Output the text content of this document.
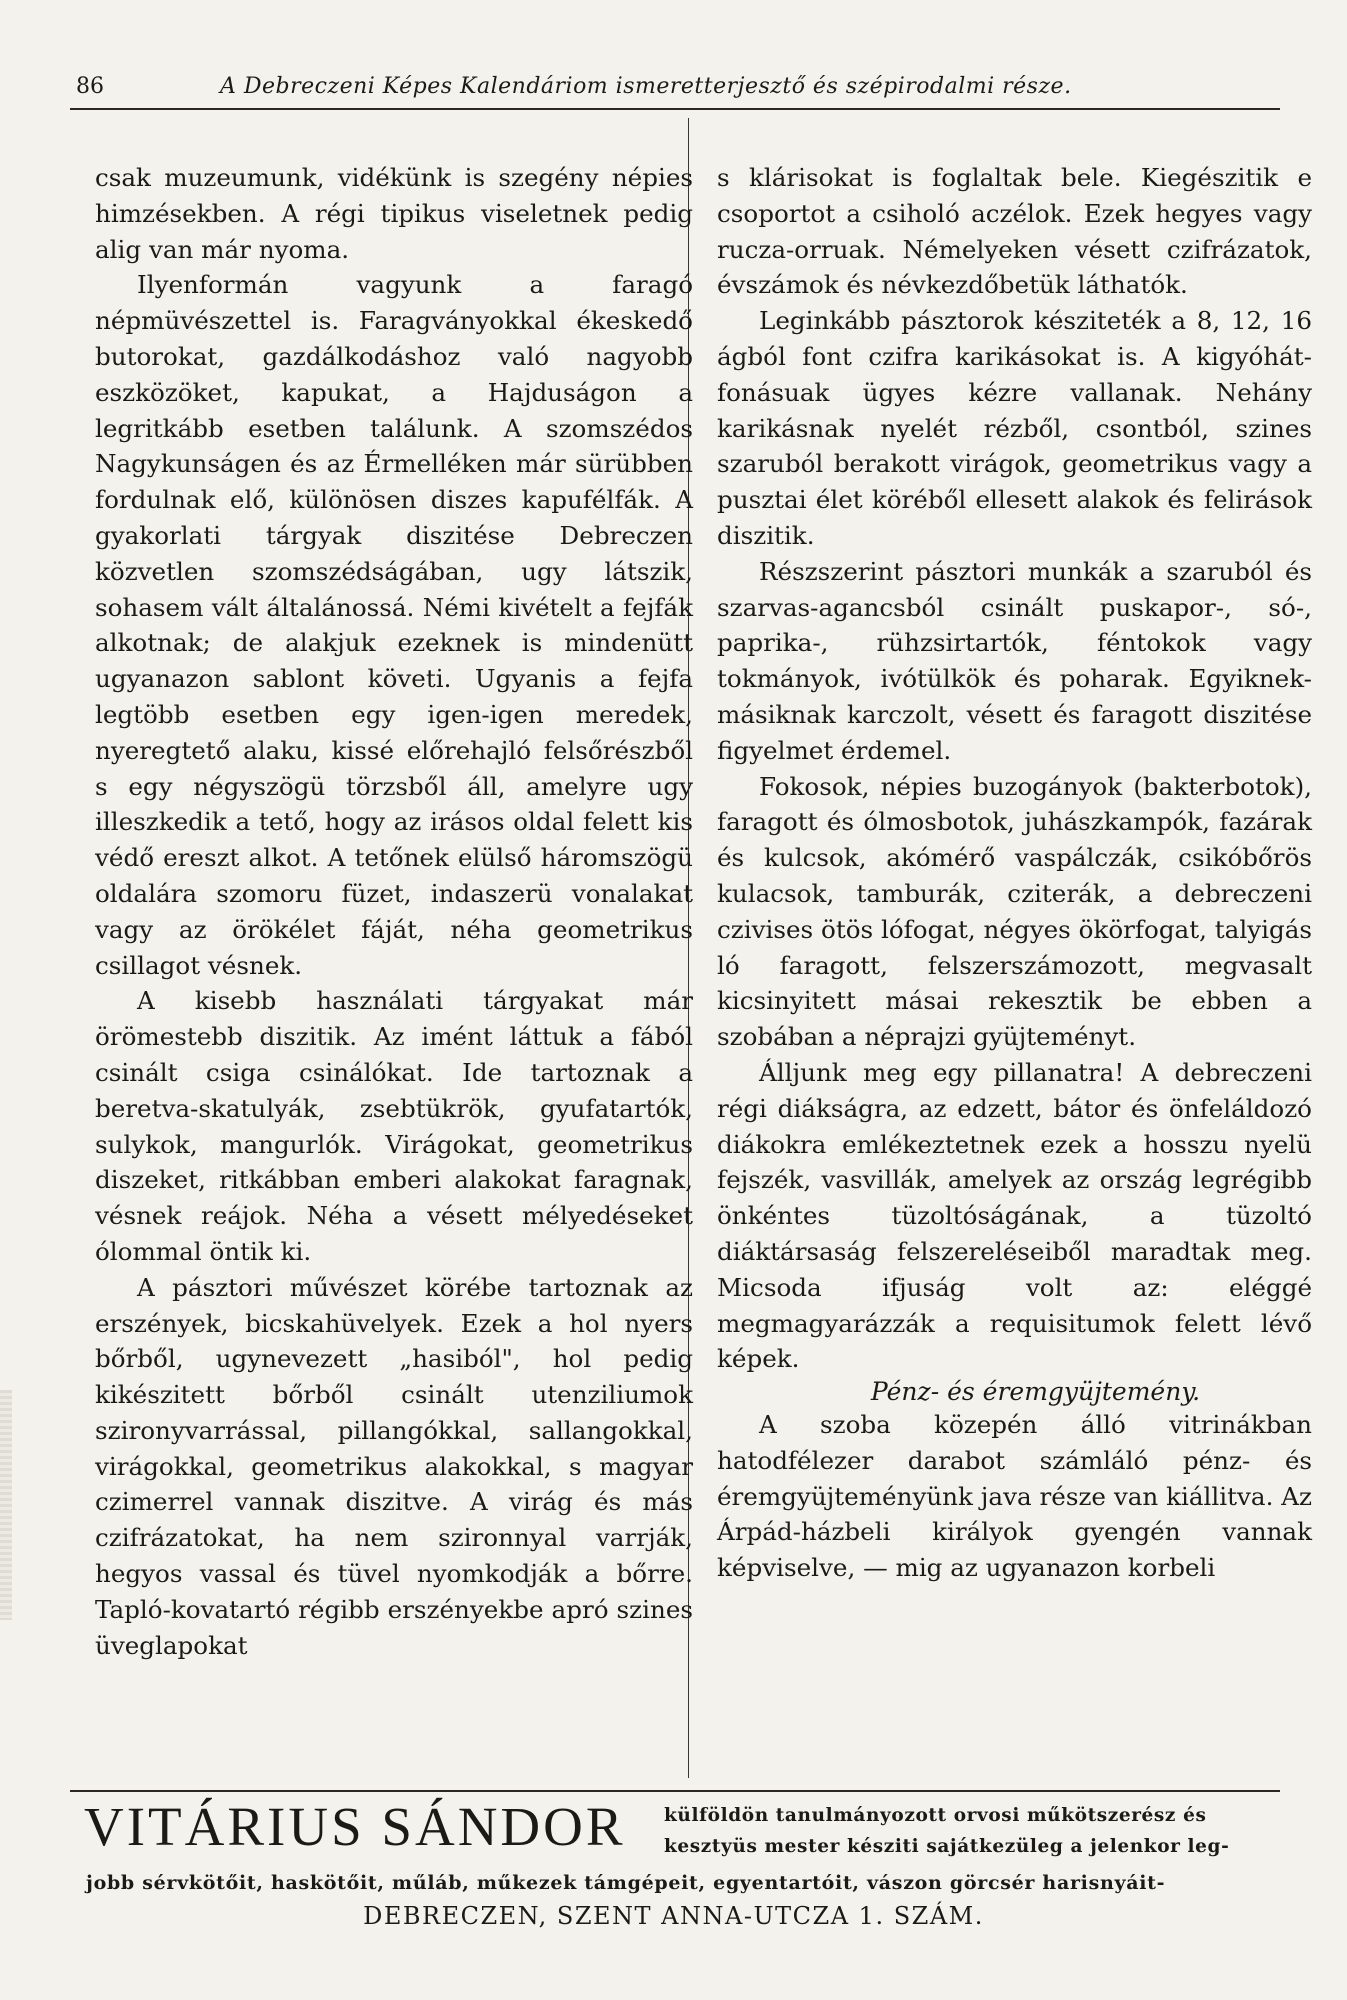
86	A Debreczeni Képes Kalendáriom ismeretterjesztő és szépirodalmi része.

csak muzeumunk, vidékünk is szegény népies himzésekben. A régi tipikus viseletnek pedig alig van már nyoma.

Ilyenformán vagyunk a faragó népmüvészettel is. Faragványokkal ékeskedő butorokat, gazdálkodáshoz való nagyobb eszközöket, kapukat, a Hajduságon a legritkább esetben találunk. A szomszédos Nagykunságen és az Érmelléken már sürübben fordulnak elő, különösen diszes kapufélfák. A gyakorlati tárgyak diszitése Debreczen közvetlen szomszédságában, ugy látszik, sohasem vált általánossá. Némi kivételt a fejfák alkotnak; de alakjuk ezeknek is mindenütt ugyanazon sablont követi. Ugyanis a fejfa legtöbb esetben egy igen-igen meredek, nyeregtető alaku, kissé előrehajló felsőrészből s egy négyszögü törzsből áll, amelyre ugy illeszkedik a tető, hogy az irásos oldal felett kis védő ereszt alkot. A tetőnek elülső háromszögü oldalára szomoru füzet, indaszerü vonalakat vagy az örökélet fáját, néha geometrikus csillagot vésnek.

A kisebb használati tárgyakat már örömestebb diszitik. Az imént láttuk a fából csinált csiga csinálókat. Ide tartoznak a beretva-skatulyák, zsebtükrök, gyufatartók, sulykok, mangurlók. Virágokat, geometrikus diszeket, ritkábban emberi alakokat faragnak, vésnek reájok. Néha a vésett mélyedéseket ólommal öntik ki.

A pásztori művészet körébe tartoznak az erszények, bicskahüvelyek. Ezek a hol nyers bőrből, ugynevezett „hasiból", hol pedig kikészitett bőrből csinált utenziliumok szironyvarrással, pillangókkal, sallangokkal, virágokkal, geometrikus alakokkal, s magyar czimerrel vannak diszitve. A virág és más czifrázatokat, ha nem szironnyal varrják, hegyos vassal és tüvel nyomkodják a bőrre. Tapló-kovatartó régibb erszényekbe apró szines üveglapokat

s klárisokat is foglaltak bele. Kiegészitik e csoportot a csiholó aczélok. Ezek hegyes vagy rucza-orruak. Némelyeken vésett czifrázatok, évszámok és névkezdőbetük láthatók.

Leginkább pásztorok késziteték a 8, 12, 16 ágból font czifra karikásokat is. A kigyóhát-fonásuak ügyes kézre vallanak. Nehány karikásnak nyelét rézből, csontból, szines szaruból berakott virágok, geometrikus vagy a pusztai élet köréből ellesett alakok és felirások diszitik.

Részszerint pásztori munkák a szaruból és szarvas-agancsból csinált puskapor-, só-, paprika-, rühzsirtartók, féntokok vagy tokmányok, ivótülkök és poharak. Egyiknek-másiknak karczolt, vésett és faragott diszitése figyelmet érdemel.

Fokosok, népies buzogányok (bakterbotok), faragott és ólmosbotok, juhászkampók, fazárak és kulcsok, akómérő vaspálczák, csikóbőrös kulacsok, tamburák, cziterák, a debreczeni czivises ötös lófogat, négyes ökörfogat, talyigás ló faragott, felszerszámozott, megvasalt kicsinyitett másai rekesztik be ebben a szobában a néprajzi gyüjteményt.

Álljunk meg egy pillanatra! A debreczeni régi diákságra, az edzett, bátor és önfeláldozó diákokra emlékeztetnek ezek a hosszu nyelü fejszék, vasvillák, amelyek az ország legrégibb önkéntes tüzoltóságának, a tüzoltó diáktársaság felszereléseiből maradtak meg. Micsoda ifjuság volt az: eléggé megmagyarázzák a requisitumok felett lévő képek.

Pénz- és éremgyüjtemény.

A szoba közepén álló vitrinákban hatodfélezer darabot számláló pénz- és éremgyüjteményünk java része van kiállitva. Az Árpád-házbeli királyok gyengén vannak képviselve, — mig az ugyanazon korbeli

VITÁRIUS SÁNDOR külföldön tanulmányozott orvosi műkötszerész és
kesztyüs mester késziti sajátkezüleg a jelenkor leg-
jobb sérvkötőit, haskötőit, műláb, műkezek támgépeit, egyentartóit, vászon görcsér harisnyáit-
DEBRECZEN, SZENT ANNA-UTCZA 1. SZÁM.
